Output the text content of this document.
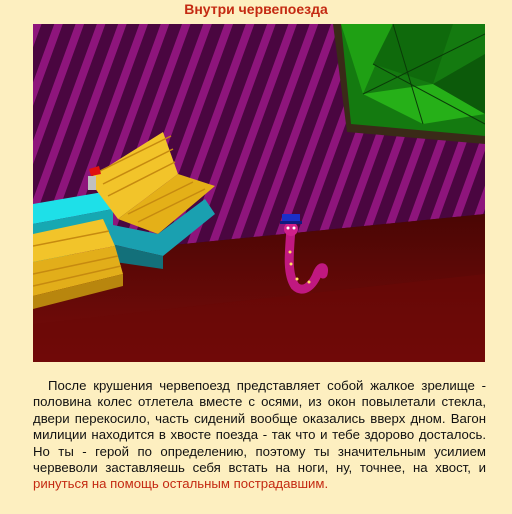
Внутри червепоезда

После крушения червепоезд представляет собой жалкое зрелище - половина колес отлетела вместе с осями, из окон повылетали стекла, двери перекосило, часть сидений вообще оказались вверх дном. Вагон милиции находится в хвосте поезда - так что и тебе здорово досталось. Но ты - герой по определению, поэтому ты значительным усилием червеволи заставляешь себя встать на ноги, ну, точнее, на хвост, и ринуться на помощь остальным пострадавшим.
